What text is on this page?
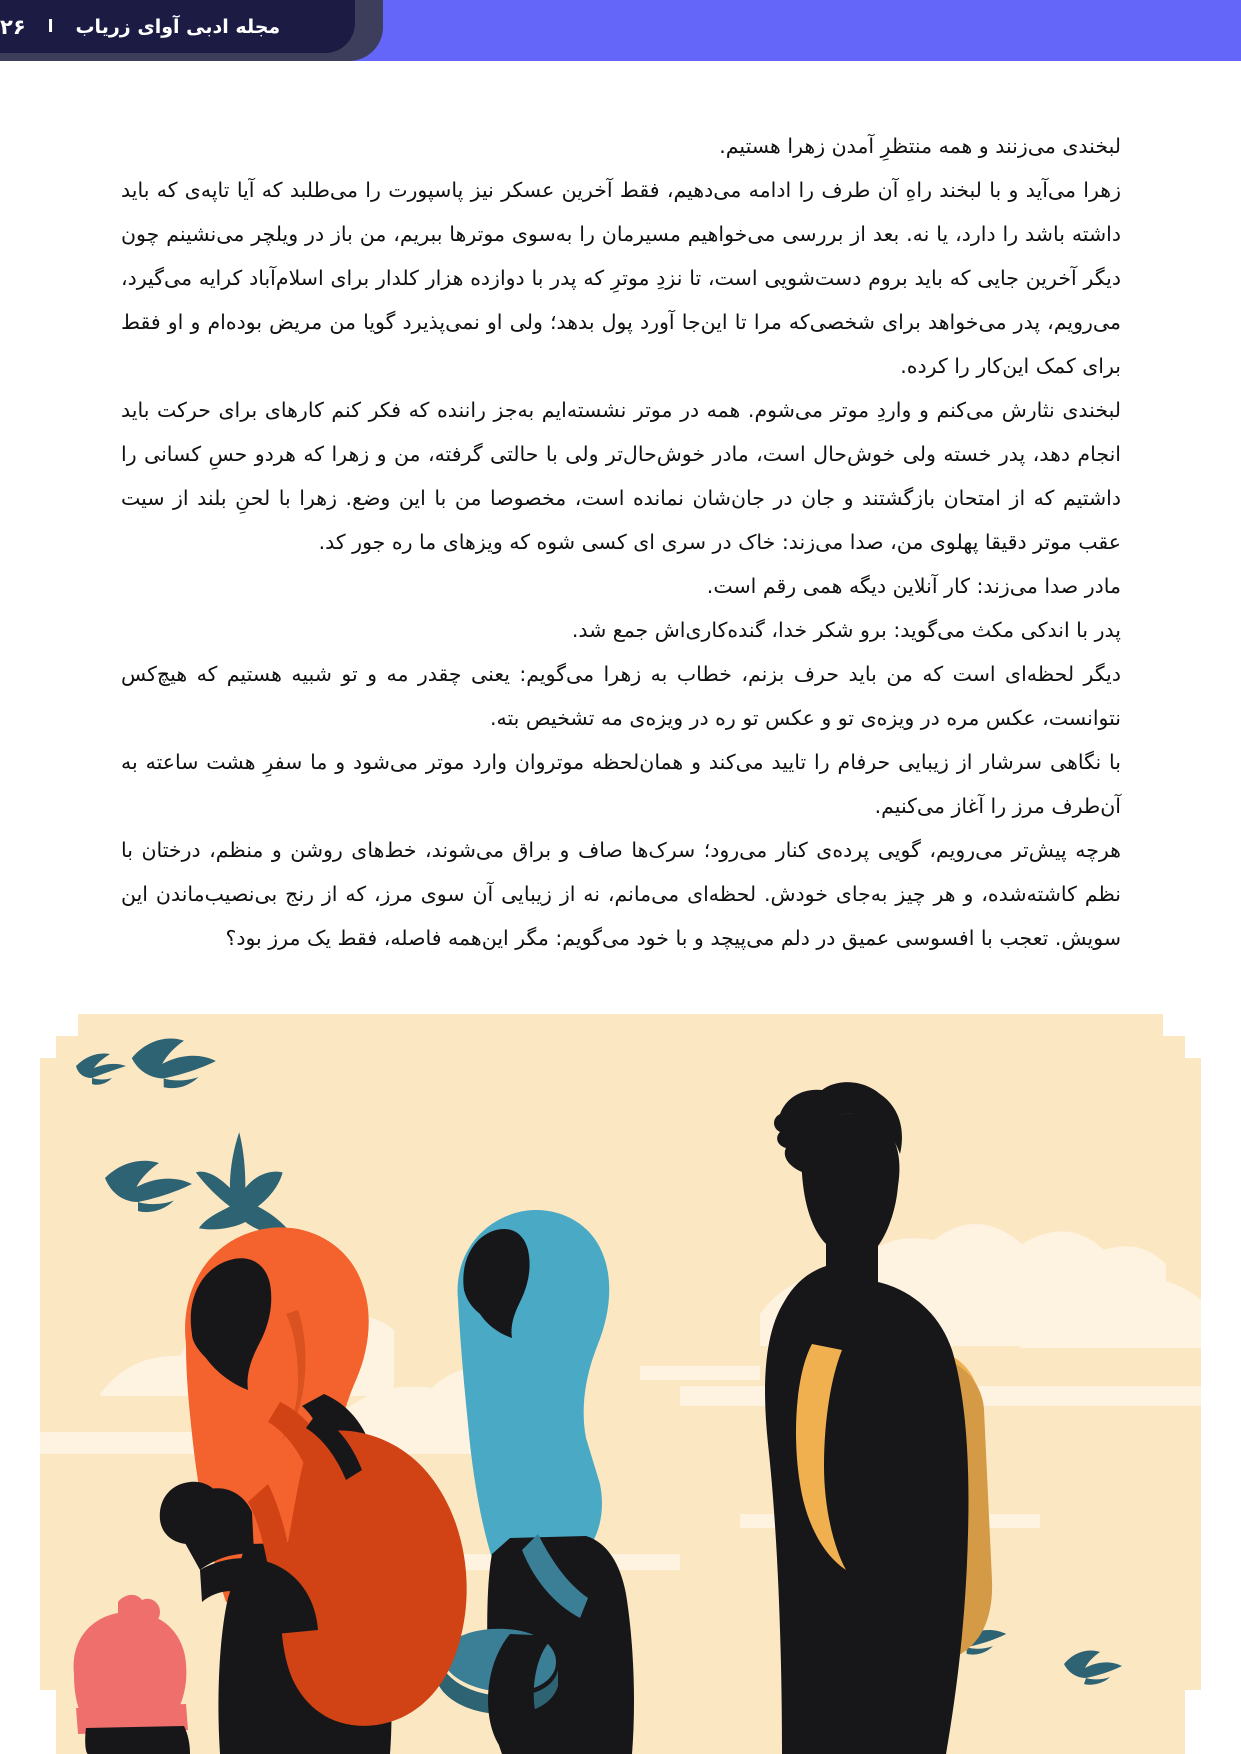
مجله ادبی آوای زریاب
ا
۲۶

لبخندی می‌زنند و همه منتظرِ آمدن زهرا هستیم.

زهرا می‌آید و با لبخند راهِ آن طرف را ادامه می‌دهیم، فقط آخرین عسکر نیز پاسپورت را می‌طلبد که آیا تاپه‌ی که باید داشته باشد را دارد، یا نه. بعد از بررسی می‌خواهیم مسیرمان را به‌سوی موترها ببریم، من باز در ویلچر می‌نشینم چون دیگر آخرین جایی که باید بروم دست‌شویی است، تا نزدِ موترِ که پدر با دوازده هزار کلدار برای اسلام‌آباد کرایه می‌گیرد، می‌رویم، پدر می‌خواهد برای شخصی‌که مرا تا این‌جا آورد پول بدهد؛ ولی او نمی‌پذیرد گویا من مریض بوده‌ام و او فقط برای کمک این‌کار را کرده.

لبخندی نثارش می‌کنم و واردِ موتر می‌شوم. همه در موتر نشسته‌ایم به‌جز راننده که فکر کنم کارهای برای حرکت باید انجام دهد، پدر خسته ولی خوش‌حال است، مادر خوش‌حال‌تر ولی با حالتی گرفته، من و زهرا که هردو حسِ کسانی را داشتیم که از امتحان بازگشتند و جان در جان‌شان نمانده است، مخصوصا من با این وضع. زهرا با لحنِ بلند از سیت عقب موتر دقیقا پهلوی من، صدا می‌زند: خاک در سری ای کسی شوه که ویزهای ما ره جور کد.

مادر صدا می‌زند: کار آنلاین دیگه همی رقم است.

پدر با اندکی مکث می‌گوید: برو شکر خدا، گنده‌کاری‌اش جمع شد.

دیگر لحظه‌ای است که من باید حرف بزنم، خطاب به زهرا می‌گویم: یعنی چقدر مه و تو شبیه هستیم که هیچ‌کس نتوانست، عکس مره در ویزه‌ی تو و عکس تو ره در ویزه‌ی مه تشخیص بته.

با نگاهی سرشار از زیبایی حرفام را تایید می‌کند و همان‌لحظه موتروان وارد موتر می‌شود و ما سفرِ هشت ساعته به آن‌طرف مرز را آغاز می‌کنیم.

هرچه پیش‌تر می‌رویم، گویی پرده‌ی کنار می‌رود؛ سرک‌ها صاف و براق می‌شوند، خط‌های روشن و منظم، درختان با نظم کاشته‌شده، و هر چیز به‌جای خودش. لحظه‌ای می‌مانم، نه از زیبایی آن سوی مرز، که از رنج بی‌نصیب‌ماندن این سویش. تعجب با افسوسی عمیق در دلم می‌پیچد و با خود می‌گویم: مگر این‌همه فاصله، فقط یک مرز بود؟
